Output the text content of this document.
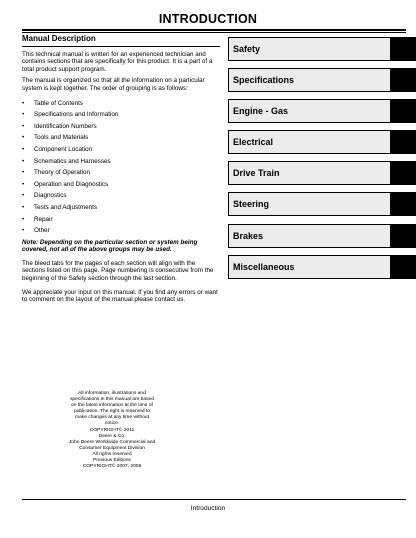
INTRODUCTION
Manual Description
This technical manual is written for an experienced technician and contains sections that are specifically for this product. It is a part of a total product support program.
The manual is organized so that all the information on a particular system is kept together. The order of grouping is as follows:
• Table of Contents
• Specifications and Information
• Identification Numbers
• Tools and Materials
• Component Location
• Schematics and Harnesses
• Theory of Operation
• Operation and Diagnostics
• Diagnostics
• Tests and Adjustments
• Repair
• Other
Note: Depending on the particular section or system being covered, not all of the above groups may be used.
The bleed tabs for the pages of each section will align with the sections listed on this page. Page numbering is consecutive from the beginning of the Safety section through the last section.
We appreciate your input on this manual. If you find any errors or want to comment on the layout of the manual please contact us.
All information, illustrations and
specifications in this manual are based
on the latest information at the time of
publication. The right is reserved to
make changes at any time without
notice.
COPYRIGHT© 2011
Deere & Co.
John Deere Worldwide Commercial and
Consumer Equipment Division
All rights reserved
Previous Editions
COPYRIGHT© 2007, 2008
Safety
Specifications
Engine - Gas
Electrical
Drive Train
Steering
Brakes
Miscellaneous
Introduction
